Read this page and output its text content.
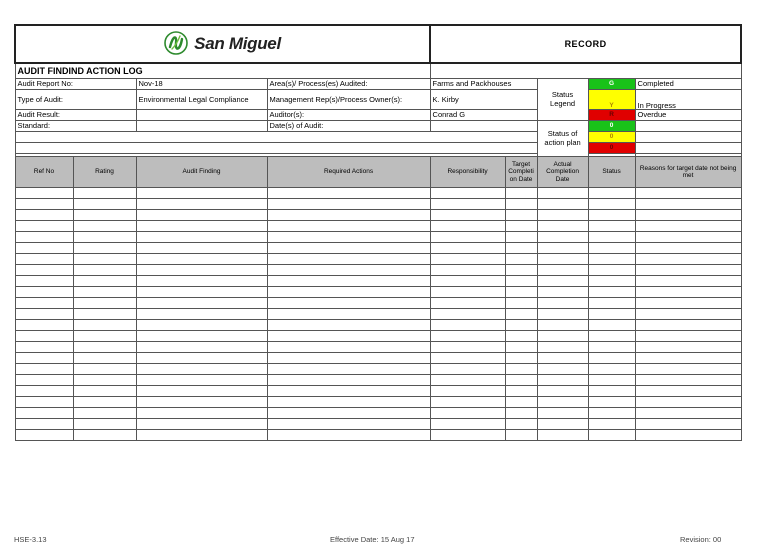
San Miguel				RECORD				
AUDIT FINDIND ACTION LOG								
Audit Report No:		Nov-18	Area(s)/ Process(es) Audited:	Farms and Packhouses		Status Legend	G	Completed
Type of Audit:		Environmental Legal Compliance	Management Rep(s)/Process Owner(s):	K. Kirby			Y	In Progress
Audit Result:			Auditor(s):	Conrad G			R	Overdue
Standard:			Date(s) of Audit:			Status of action plan	0	
							0	
							0	

Ref No	Rating	Audit Finding	Required Actions	Responsibility	Target Completi on Date	Actual Completion Date	Status	Reasons for target date not being met

HSE-3.13	Effective Date: 15 Aug 17	Revision: 00
